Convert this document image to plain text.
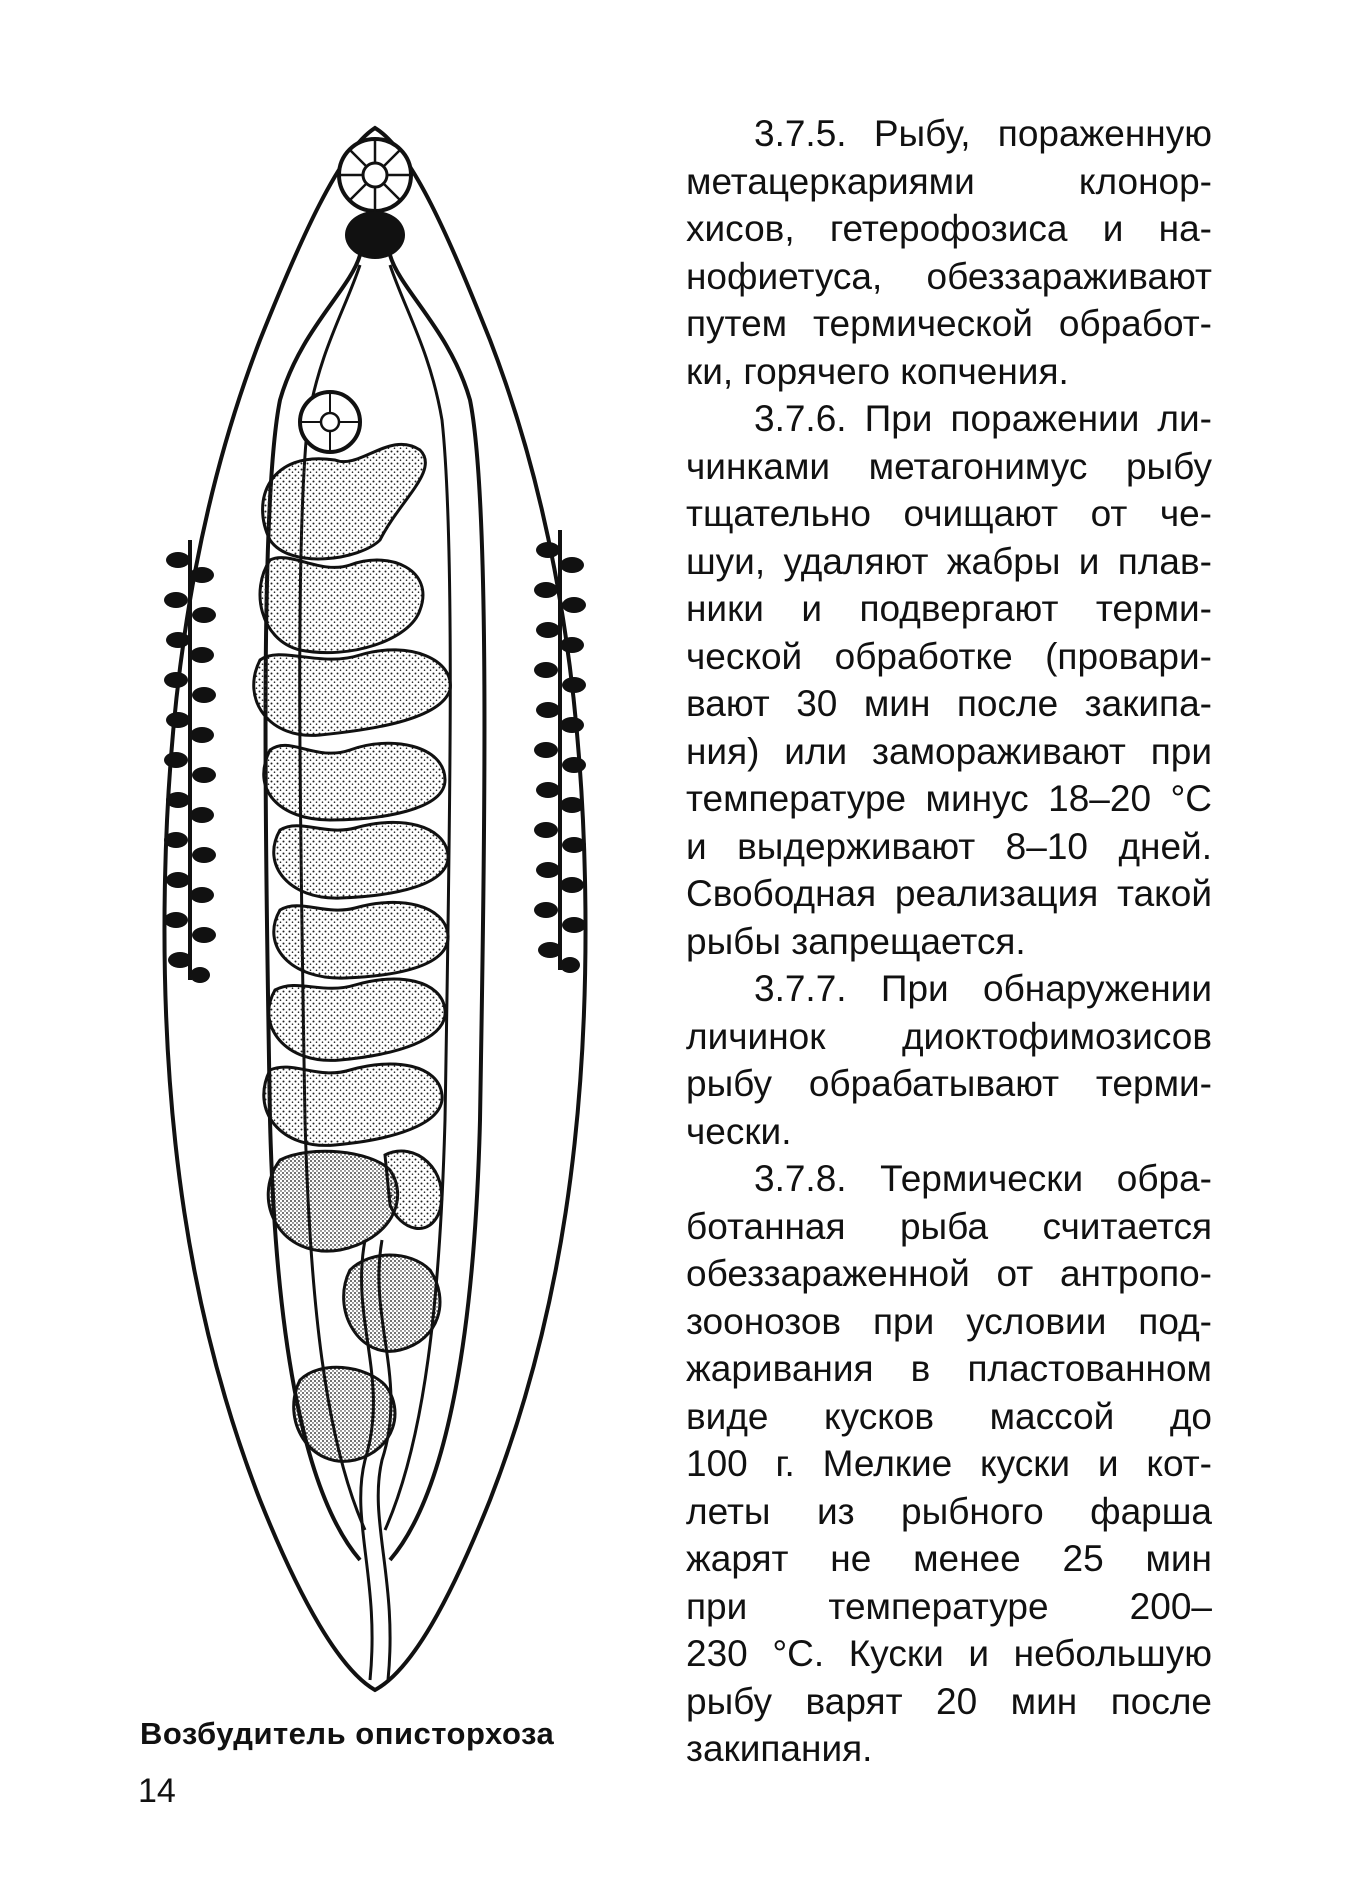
Возбудитель описторхоза
14
3.7.5. Рыбу, пораженную
метацеркариями клонор-
хисов, гетерофозиса и на-
нофиетуса, обеззараживают
путем термической обработ-
ки, горячего копчения.
3.7.6. При поражении ли-
чинками метагонимус рыбу
тщательно очищают от че-
шуи, удаляют жабры и плав-
ники и подвергают терми-
ческой обработке (провари-
вают 30 мин после закипа-
ния) или замораживают при
температуре минус 18–20 °С
и выдерживают 8–10 дней.
Свободная реализация такой
рыбы запрещается.
3.7.7. При обнаружении
личинок диоктофимозисов
рыбу обрабатывают терми-
чески.
3.7.8. Термически обра-
ботанная рыба считается
обеззараженной от антропо-
зоонозов при условии под-
жаривания в пластованном
виде кусков массой до
100 г. Мелкие куски и кот-
леты из рыбного фарша
жарят не менее 25 мин
при температуре 200–
230 °С. Куски и небольшую
рыбу варят 20 мин после
закипания.
